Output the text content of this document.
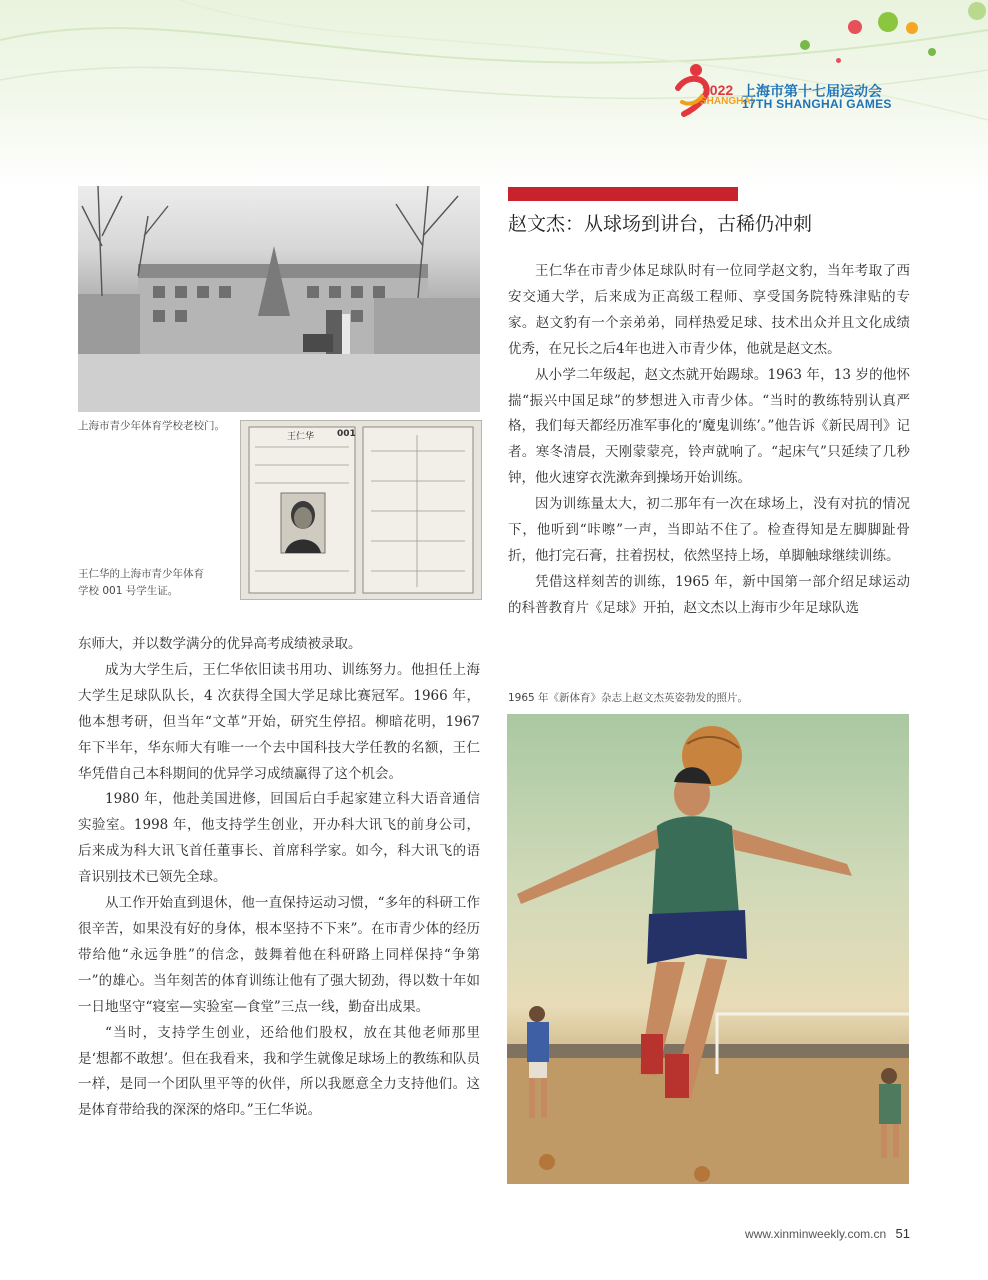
2022
SHANGHAI
上海市第十七届运动会
17TH SHANGHAI GAMES
上海市青少年体育学校老校门。
王仁华	001
王仁华的上海市青少年体育
学校 001 号学生证。
赵文杰：从球场到讲台，古稀仍冲刺

王仁华在市青少体足球队时有一位同学赵文豹，当年考取了西安交通大学，后来成为正高级工程师、享受国务院特殊津贴的专家。赵文豹有一个亲弟弟，同样热爱足球、技术出众并且文化成绩优秀，在兄长之后4年也进入市青少体，他就是赵文杰。

从小学二年级起，赵文杰就开始踢球。1963 年，13 岁的他怀揣“振兴中国足球”的梦想进入市青少体。“当时的教练特别认真严格，我们每天都经历准军事化的‘魔鬼训练’。”他告诉《新民周刊》记者。寒冬清晨，天刚蒙蒙亮，铃声就响了。“起床气”只延续了几秒钟，他火速穿衣洗漱奔到操场开始训练。

因为训练量太大，初二那年有一次在球场上，没有对抗的情况下，他听到“咔嚓”一声，当即站不住了。检查得知是左脚脚趾骨折，他打完石膏，拄着拐杖，依然坚持上场，单脚触球继续训练。

凭借这样刻苦的训练，1965 年，新中国第一部介绍足球运动的科普教育片《足球》开拍，赵文杰以上海市少年足球队选

东师大，并以数学满分的优异高考成绩被录取。

成为大学生后，王仁华依旧读书用功、训练努力。他担任上海大学生足球队队长，4 次获得全国大学足球比赛冠军。1966 年，他本想考研，但当年“文革”开始，研究生停招。柳暗花明，1967 年下半年，华东师大有唯一一个去中国科技大学任教的名额，王仁华凭借自己本科期间的优异学习成绩赢得了这个机会。

1980 年，他赴美国进修，回国后白手起家建立科大语音通信实验室。1998 年，他支持学生创业，开办科大讯飞的前身公司，后来成为科大讯飞首任董事长、首席科学家。如今，科大讯飞的语音识别技术已领先全球。

从工作开始直到退休，他一直保持运动习惯，“多年的科研工作很辛苦，如果没有好的身体，根本坚持不下来”。在市青少体的经历带给他“永远争胜”的信念，鼓舞着他在科研路上同样保持“争第一”的雄心。当年刻苦的体育训练让他有了强大韧劲，得以数十年如一日地坚守“寝室—实验室—食堂”三点一线，勤奋出成果。

“当时，支持学生创业，还给他们股权，放在其他老师那里是‘想都不敢想’。但在我看来，我和学生就像足球场上的教练和队员一样，是同一个团队里平等的伙伴，所以我愿意全力支持他们。这是体育带给我的深深的烙印。”王仁华说。

1965 年《新体育》杂志上赵文杰英姿勃发的照片。
www.xinminweekly.com.cn 51
